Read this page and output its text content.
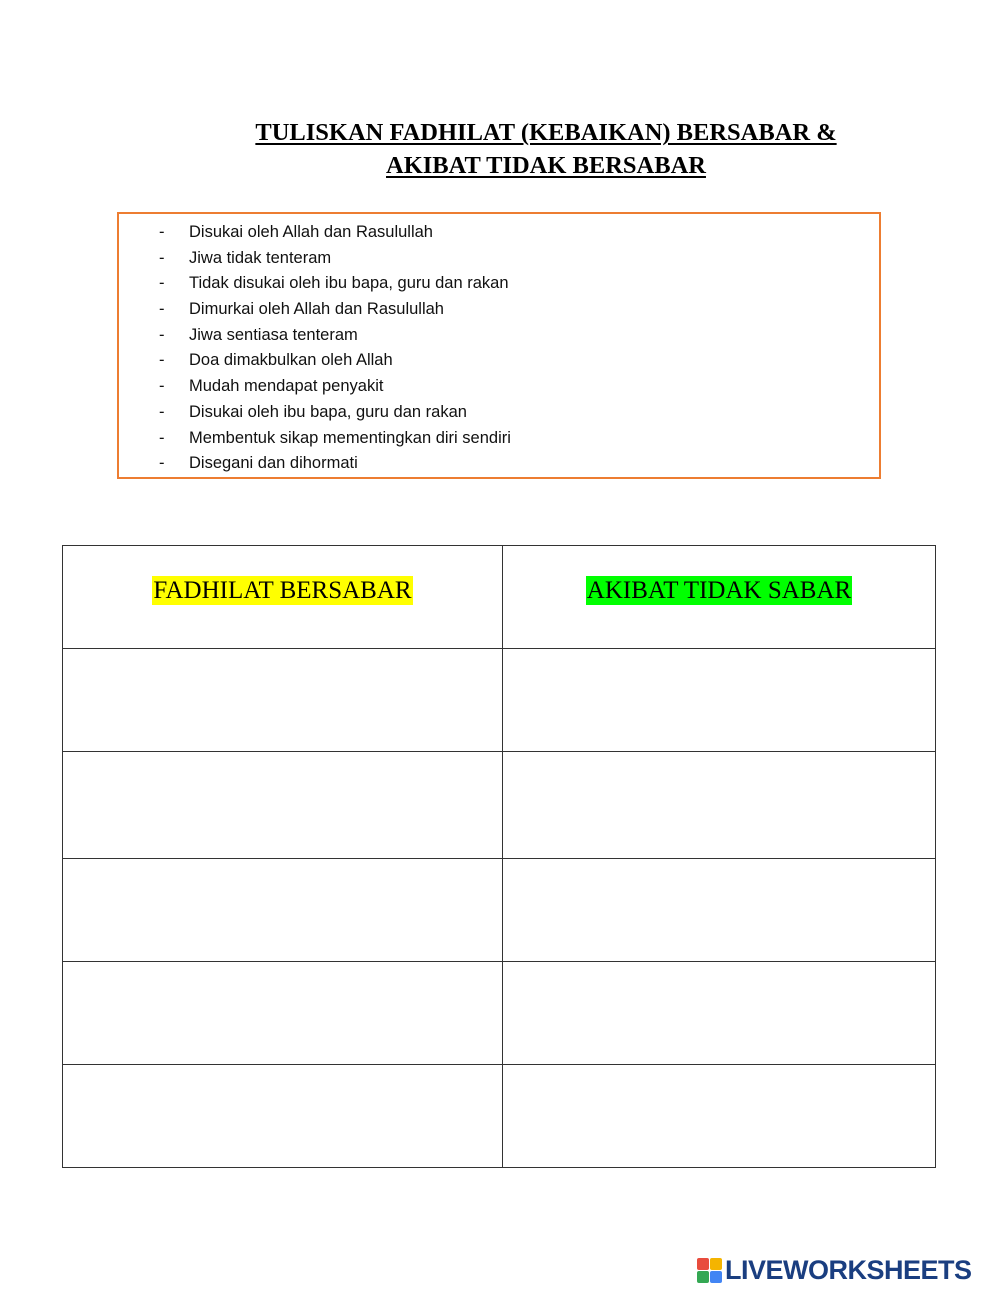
TULISKAN FADHILAT (KEBAIKAN) BERSABAR &
AKIBAT TIDAK BERSABAR
- Disukai oleh Allah dan Rasulullah
- Jiwa tidak tenteram
- Tidak disukai oleh ibu bapa, guru dan rakan
- Dimurkai oleh Allah dan Rasulullah
- Jiwa sentiasa tenteram
- Doa dimakbulkan oleh Allah
- Mudah mendapat penyakit
- Disukai oleh ibu bapa, guru dan rakan
- Membentuk sikap mementingkan diri sendiri
- Disegani dan dihormati
FADHILAT BERSABAR	AKIBAT TIDAK SABAR

LIVEWORKSHEETS
